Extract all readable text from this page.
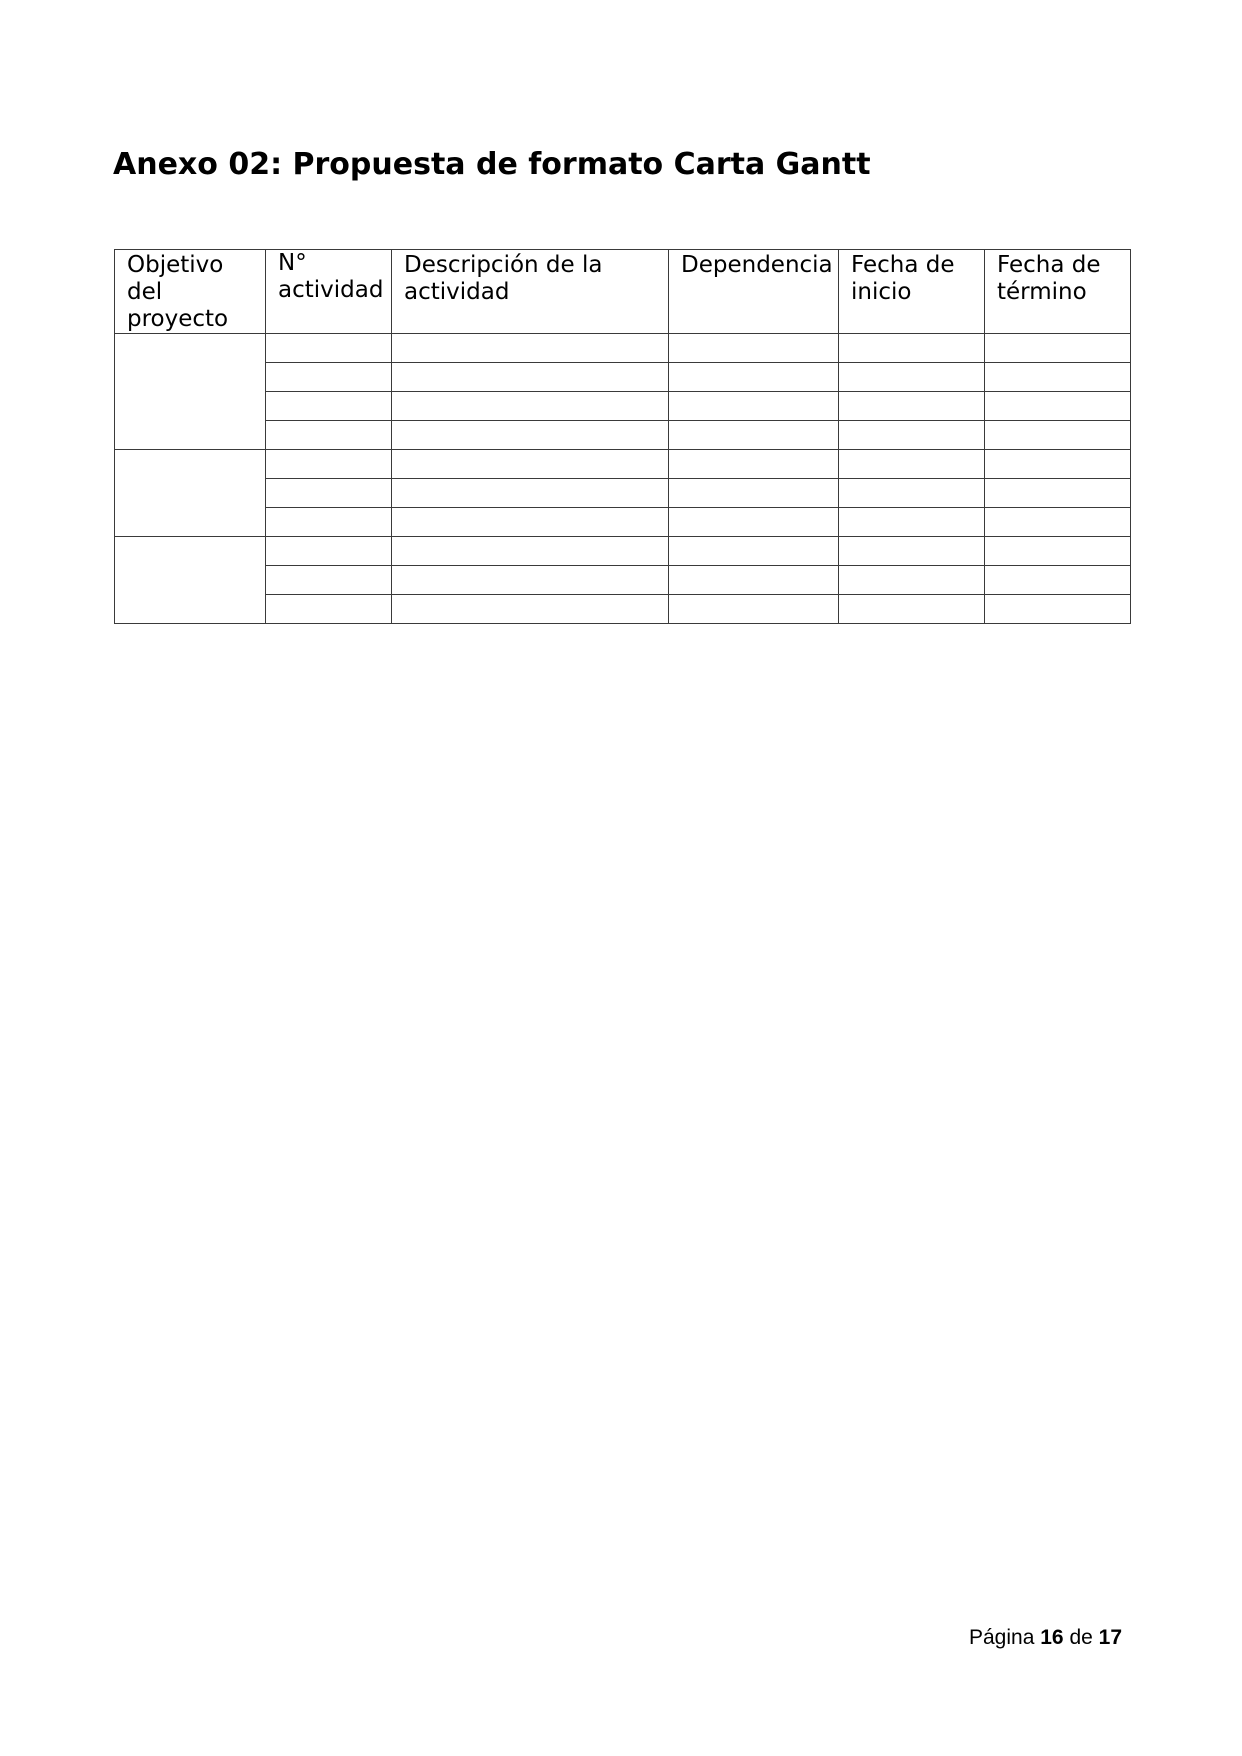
Anexo 02: Propuesta de formato Carta Gantt
Objetivo del proyecto	N° actividad	Descripción de la actividad	Dependencia	Fecha de inicio	Fecha de término

Página 16 de 17
